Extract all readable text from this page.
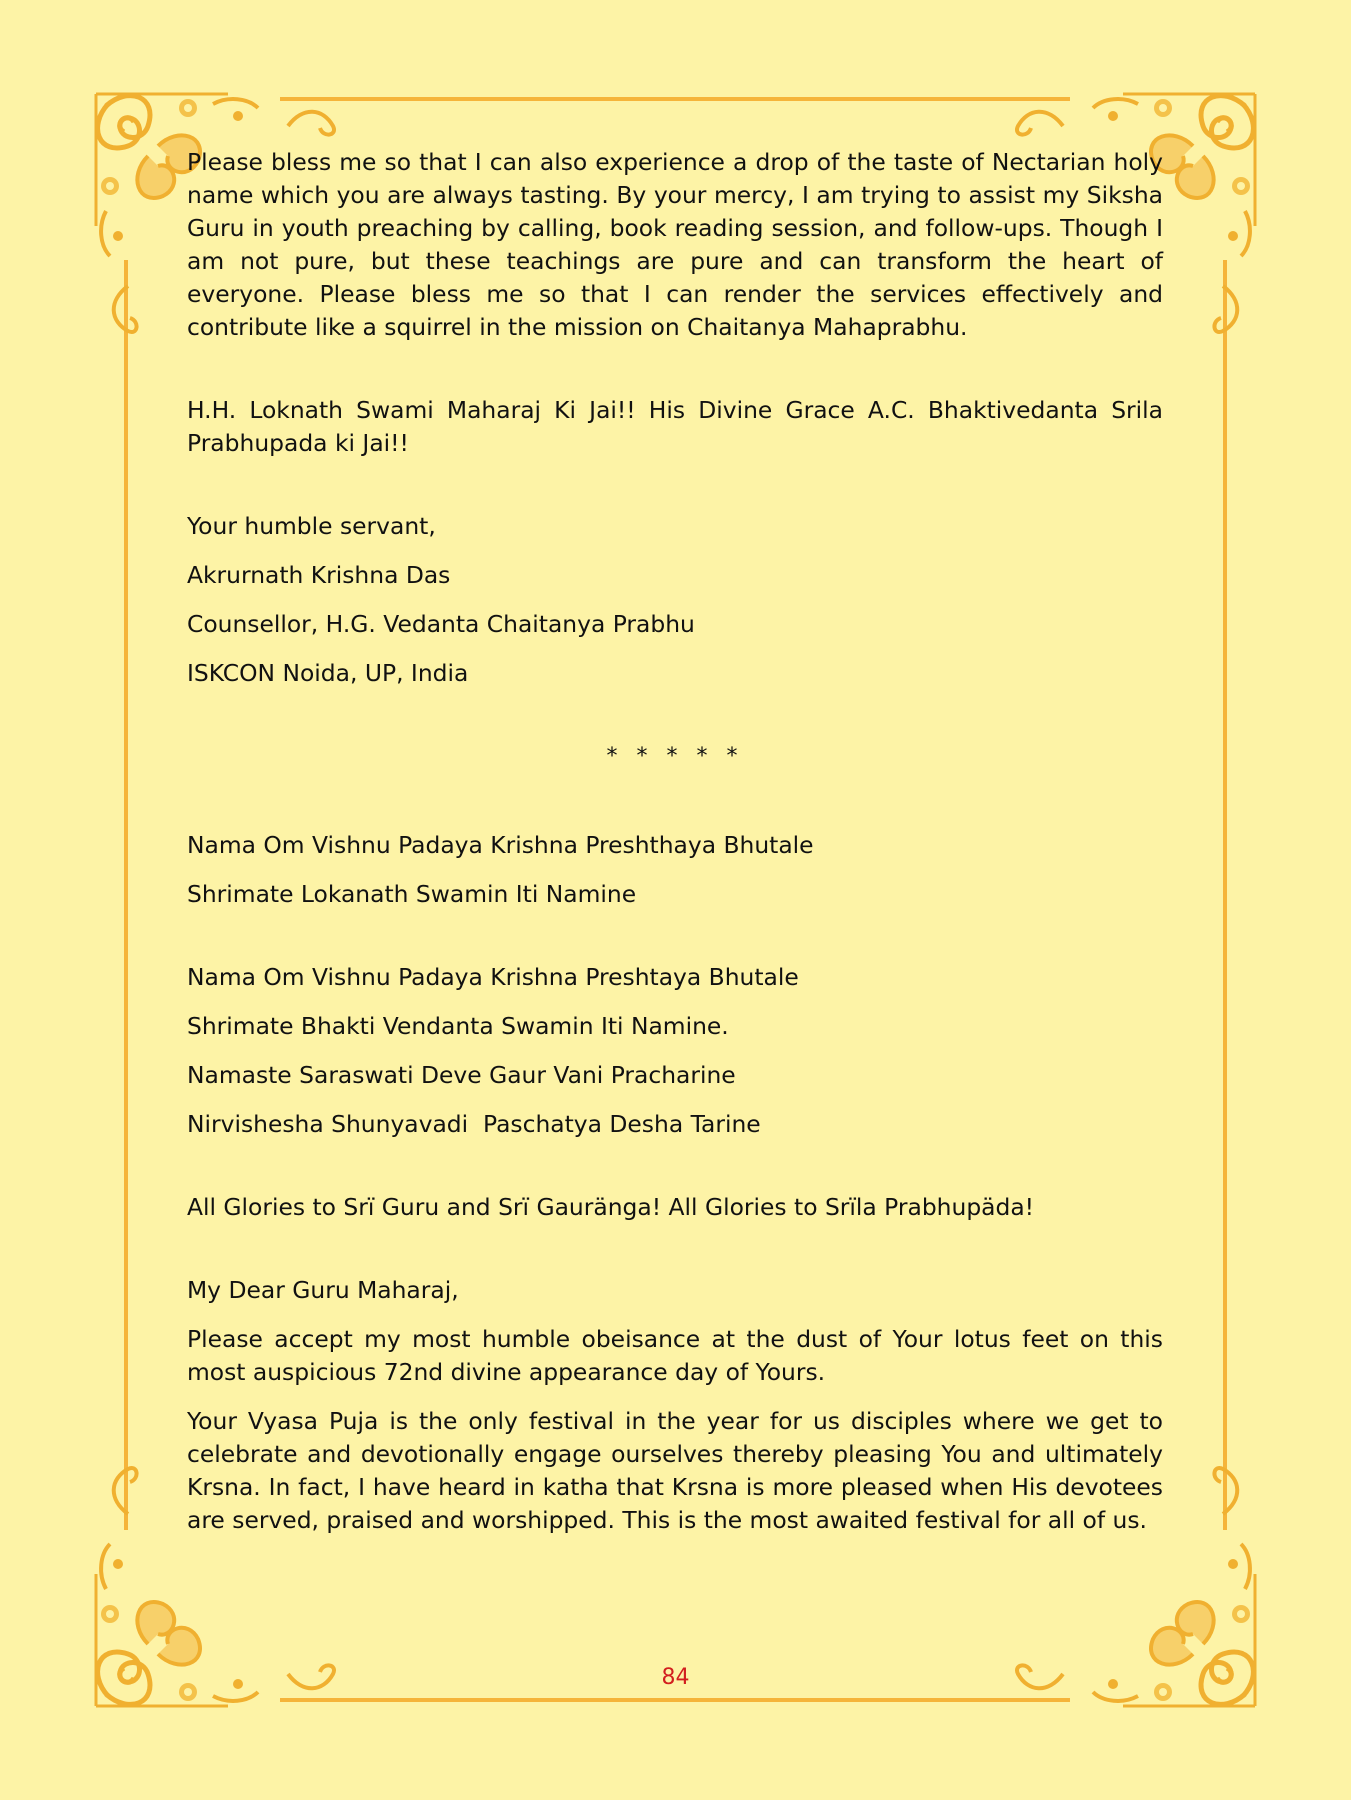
Please bless me so that I can also experience a drop of the taste of Nectarian holy name which you are always tasting. By your mercy, I am trying to assist my Siksha Guru in youth preaching by calling, book reading session, and follow-ups. Though I am not pure, but these teachings are pure and can transform the heart of everyone. Please bless me so that I can render the services effectively and contribute like a squirrel in the mission on Chaitanya Mahaprabhu.

H.H. Loknath Swami Maharaj Ki Jai!! His Divine Grace A.C. Bhaktivedanta Srila Prabhupada ki Jai!!

Your humble servant,

Akrurnath Krishna Das

Counsellor, H.G. Vedanta Chaitanya Prabhu

ISKCON Noida, UP, India

* * * * *

Nama Om Vishnu Padaya Krishna Preshthaya Bhutale

Shrimate Lokanath Swamin Iti Namine

Nama Om Vishnu Padaya Krishna Preshtaya Bhutale

Shrimate Bhakti Vendanta Swamin Iti Namine.

Namaste Saraswati Deve Gaur Vani Pracharine

Nirvishesha Shunyavadi  Paschatya Desha Tarine

All Glories to Srï Guru and Srï Gauränga! All Glories to Srïla Prabhupäda!

My Dear Guru Maharaj,

Please accept my most humble obeisance at the dust of Your lotus feet on this most auspicious 72nd divine appearance day of Yours.

Your Vyasa Puja is the only festival in the year for us disciples where we get to celebrate and devotionally engage ourselves thereby pleasing You and ultimately Krsna. In fact, I have heard in katha that Krsna is more pleased when His devotees are served, praised and worshipped. This is the most awaited festival for all of us.

84
